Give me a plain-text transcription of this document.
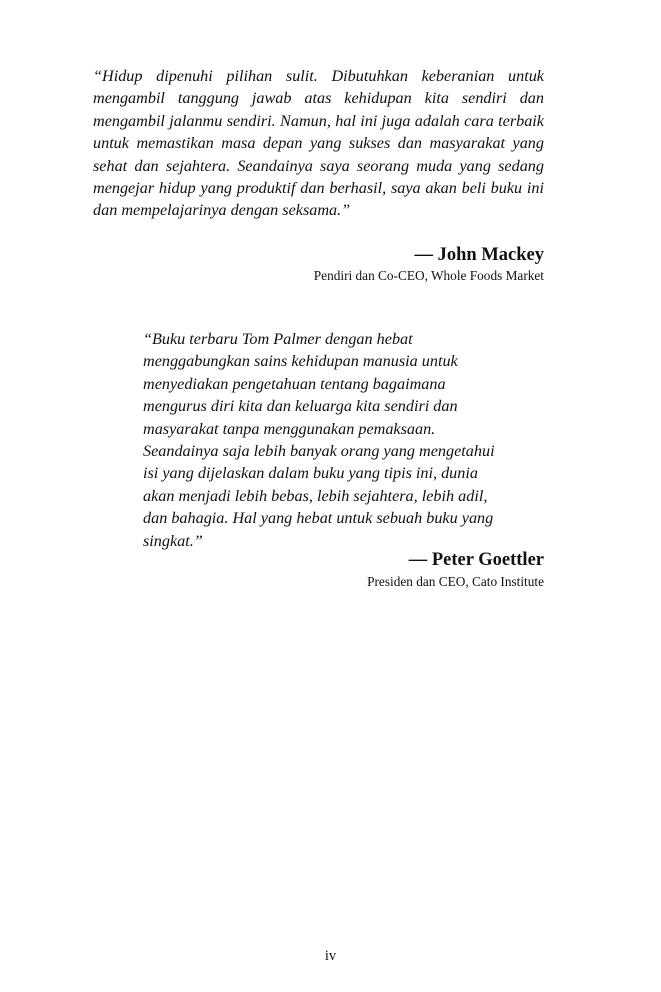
“Hidup dipenuhi pilihan sulit. Dibutuhkan keberanian untuk mengambil tanggung jawab atas kehidupan kita sendiri dan mengambil jalanmu sendiri. Namun, hal ini juga adalah cara terbaik untuk memastikan masa depan yang sukses dan masyarakat yang sehat dan sejahtera. Seandainya saya seorang muda yang sedang mengejar hidup yang produktif dan berhasil, saya akan beli buku ini dan mempelajarinya dengan seksama.”

— John Mackey

Pendiri dan Co-CEO, Whole Foods Market

“Buku terbaru Tom Palmer dengan hebat
menggabungkan sains kehidupan manusia untuk
menyediakan pengetahuan tentang bagaimana
mengurus diri kita dan keluarga kita sendiri dan
masyarakat tanpa menggunakan pemaksaan.
Seandainya saja lebih banyak orang yang mengetahui
isi yang dijelaskan dalam buku yang tipis ini, dunia
akan menjadi lebih bebas, lebih sejahtera, lebih adil,
dan bahagia. Hal yang hebat untuk sebuah buku yang
singkat.”

— Peter Goettler

Presiden dan CEO, Cato Institute

iv
